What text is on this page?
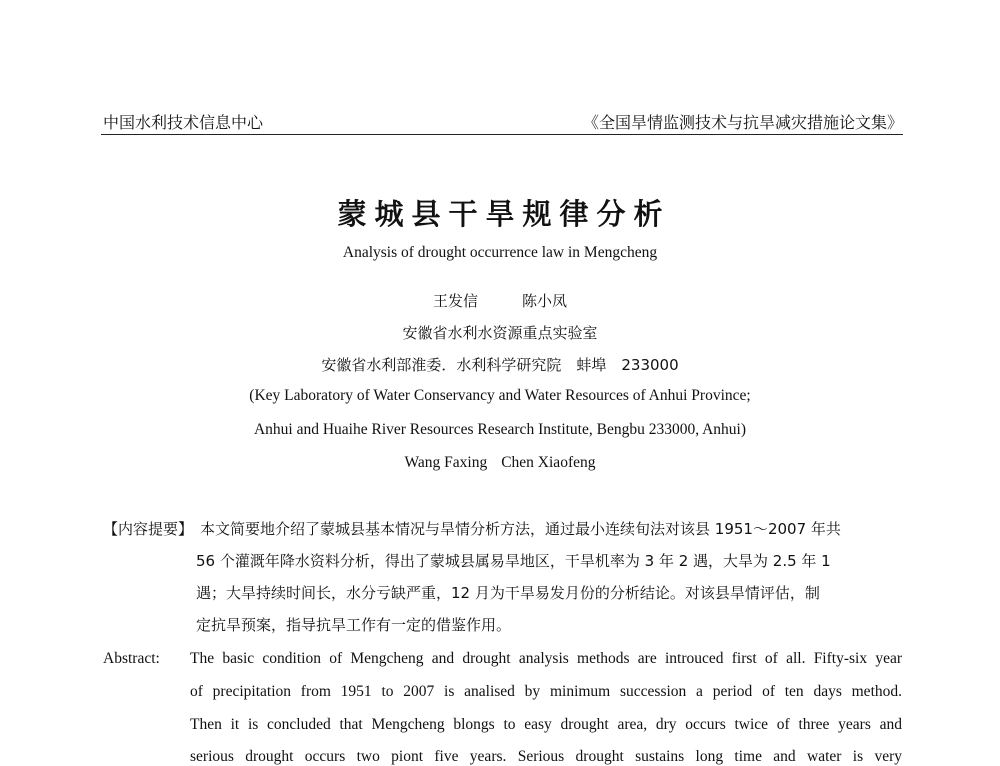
中国水利技术信息中心	《全国旱情监测技术与抗旱减灾措施论文集》
蒙城县干旱规律分析
Analysis of drought occurrence law in Mengcheng
王发信	陈小凤
安徽省水利水资源重点实验室
安徽省水利部淮委．水利科学研究院　蚌埠　233000
(Key Laboratory of Water Conservancy and Water Resources of Anhui Province;
Anhui and Huaihe River Resources Research Institute, Bengbu 233000, Anhui)
Wang Faxing Chen Xiaofeng
【内容提要】 本文简要地介绍了蒙城县基本情况与旱情分析方法，通过最小连续旬法对该县 1951～2007 年共
56 个灌溉年降水资料分析，得出了蒙城县属易旱地区，干旱机率为 3 年 2 遇，大旱为 2.5 年 1
遇；大旱持续时间长，水分亏缺严重，12 月为干旱易发月份的分析结论。对该县旱情评估，制
定抗旱预案，指导抗旱工作有一定的借鉴作用。
Abstract: The basic condition of Mengcheng and drought analysis methods are introuced first of all. Fifty-six year
of precipitation from 1951 to 2007 is analised by minimum succession a period of ten days method.
Then it is concluded that Mengcheng blongs to easy drought area, dry occurs twice of three years and
serious drought occurs two piont five years. Serious drought sustains long time and water is very
